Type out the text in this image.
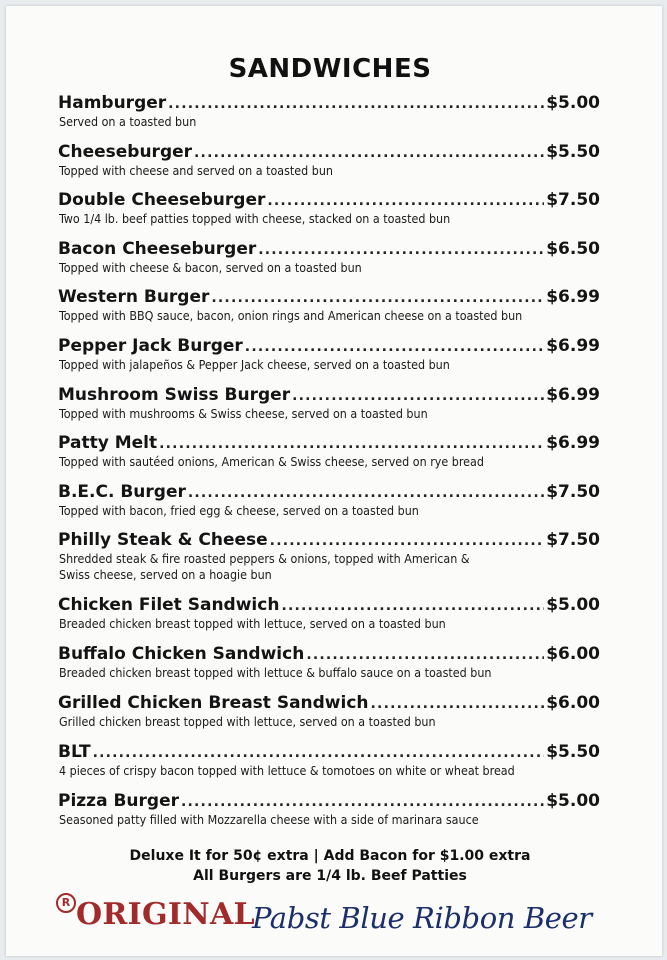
SANDWICHES
Hamburger .....	$5.00
Served on a toasted bun
Cheeseburger .....	$5.50
Topped with cheese and served on a toasted bun
Double Cheeseburger .....	$7.50
Two 1/4 lb. beef patties topped with cheese, stacked on a toasted bun
Bacon Cheeseburger .....	$6.50
Topped with cheese & bacon, served on a toasted bun
Western Burger .....	$6.99
Topped with BBQ sauce, bacon, onion rings and American cheese on a toasted bun
Pepper Jack Burger .....	$6.99
Topped with jalapeños & Pepper Jack cheese, served on a toasted bun
Mushroom Swiss Burger .....	$6.99
Topped with mushrooms & Swiss cheese, served on a toasted bun
Patty Melt .....	$6.99
Topped with sautéed onions, American & Swiss cheese, served on rye bread
B.E.C. Burger .....	$7.50
Topped with bacon, fried egg & cheese, served on a toasted bun
Philly Steak & Cheese .....	$7.50
Shredded steak & fire roasted peppers & onions, topped with American &
Swiss cheese, served on a hoagie bun
Chicken Filet Sandwich .....	$5.00
Breaded chicken breast topped with lettuce, served on a toasted bun
Buffalo Chicken Sandwich .....	$6.00
Breaded chicken breast topped with lettuce & buffalo sauce on a toasted bun
Grilled Chicken Breast Sandwich .....	$6.00
Grilled chicken breast topped with lettuce, served on a toasted bun
BLT .....	$5.50
4 pieces of crispy bacon topped with lettuce & tomotoes on white or wheat bread
Pizza Burger .....	$5.00
Seasoned patty filled with Mozzarella cheese with a side of marinara sauce
Deluxe It for 50¢ extra | Add Bacon for $1.00 extra
All Burgers are 1/4 lb. Beef Patties
R ORIGINAL
Pabst Blue Ribbon Beer
